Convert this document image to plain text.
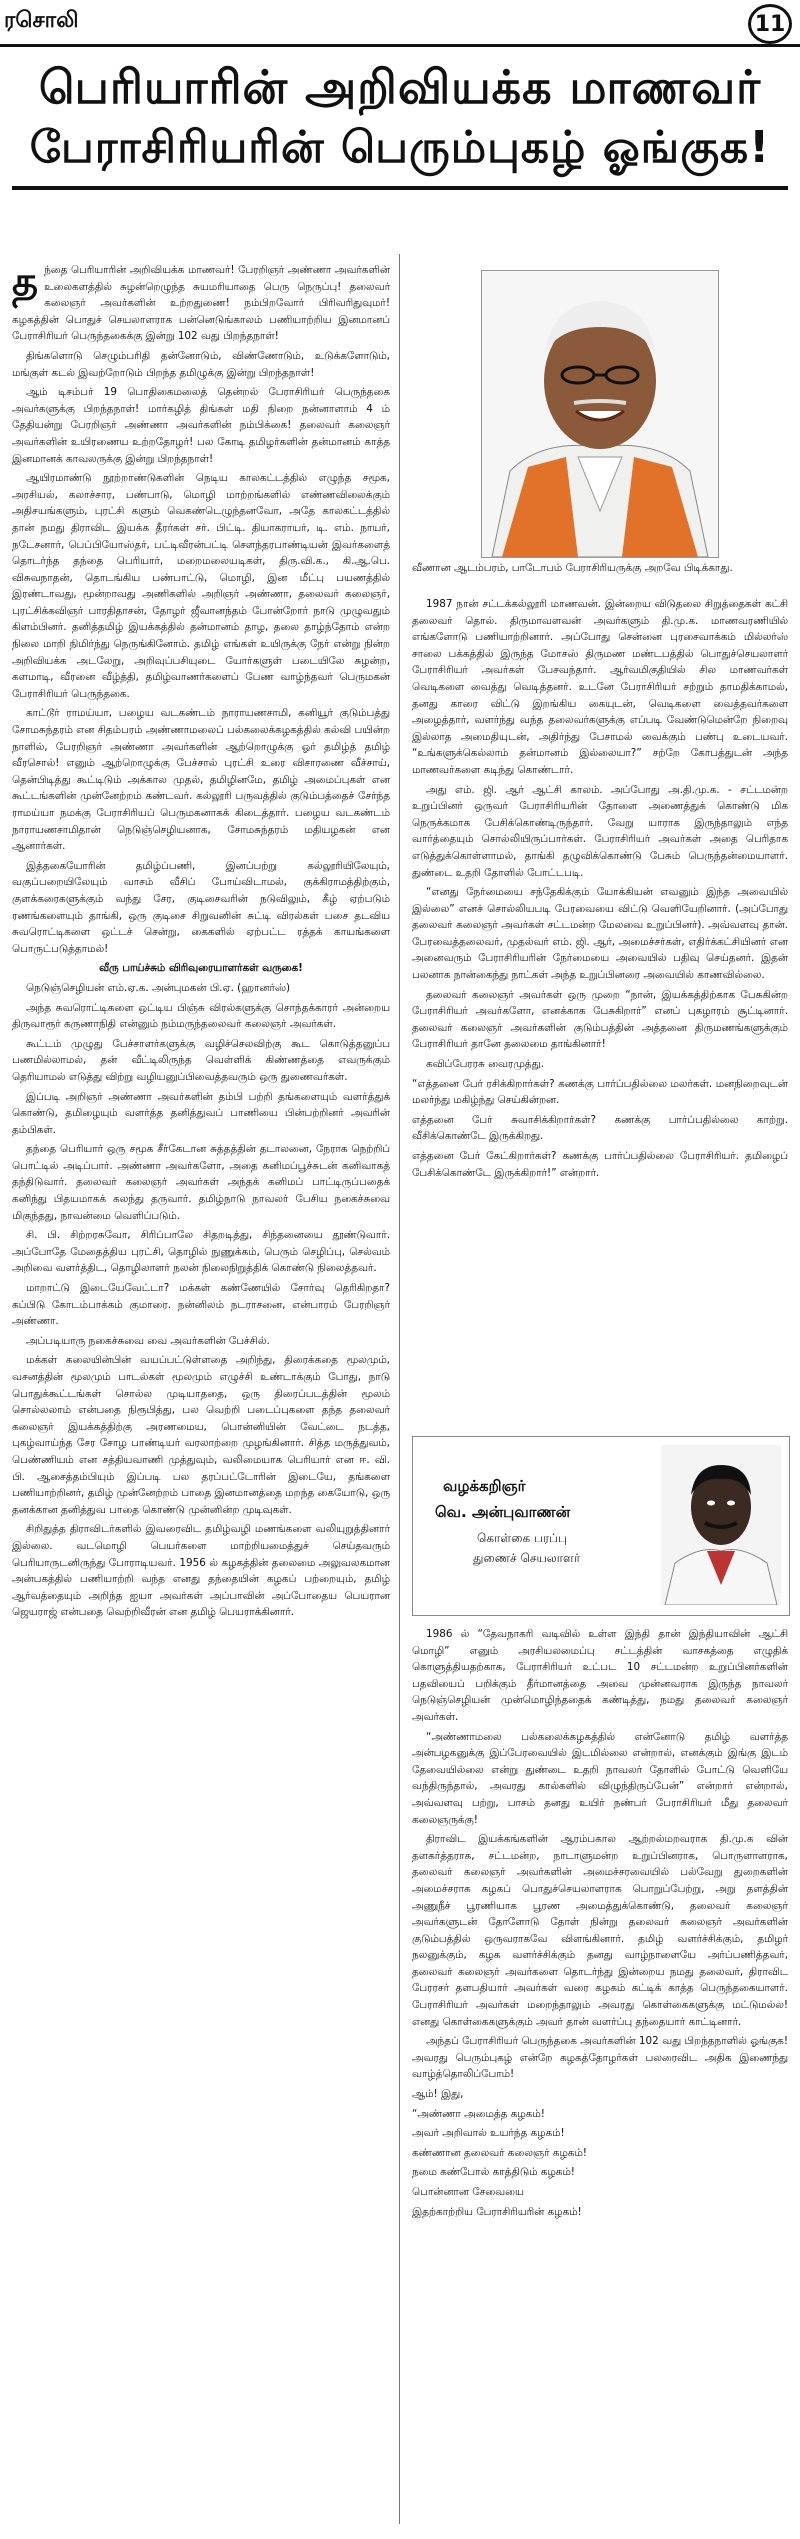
ரசொலி	11
பெரியாரின் அறிவியக்க மாணவர்
பேராசிரியரின் பெரும்புகழ் ஓங்குக!

தந்தை பெரியாரின் அறிவியக்க மாணவர்! பேரறிஞர் அண்ணா அவர்களின் உலைகளத்தில் சுழன்றெழுந்த சுயமரியாதை பெரு நெருப்பு! தலைவர் கலைஞர் அவர்களின் உற்றதுணை! நம்பிறவோர் பிரிவரிதுவுமர்! கழகத்தின் பொதுச் செயலாளராக பன்னெடுங்காலம் பணியாற்றிய இனமானப் பேராசிரியர் பெருந்தகைக்கு இன்று 102 வது பிறந்தநாள்!

திங்களொடு செழும்பரிதி தன்னோடும், விண்ணோடும், உடுக்களோடும், மங்குள் கடல் இவற்றோடும் பிறந்த தமிழுக்கு இன்று பிறந்தநாள்!

ஆம் டிசம்பர் 19 பொதிகைமலைத் தென்றல் பேராசிரியர் பெருந்தகை அவர்களுக்கு பிறந்தநாள்! மார்கழித் திங்கள் மதி நிறை நன்னாளாம் 4 ம் தேதியன்று பேரறிஞர் அண்ணா அவர்களின் நம்பிக்கை! தலைவர் கலைஞர் அவர்களின் உயிரணைய உற்றதோழர்! பல கோடி தமிழர்களின் தன்மானம் காத்த இனமானக் காவலருக்கு இன்று பிறந்தநாள்!

ஆயிரமாண்டு நூற்றாண்டுகளின் நெடிய காலகட்டத்தில் எழுந்த சமூக, அரசியல், கலாச்சார, பண்பாடு, மொழி மாற்றங்களில் எண்ணவிலைக்கும் அதிசயங்களும், புரட்சி களும் வெகண்டெழுந்தனவோ, அதே காலகட்டத்தில் தான் நமது திராவிட இயக்க தீரர்கள் சர். பிட்டி. தியாகராயர், டி. எம். நாயர், நடேசனார், பெப்பியோஸ்தர், பட்டிவீரன்பட்டி சௌந்தரபாண்டியன் இவர்களைத் தொடர்ந்த தந்தை பெரியார், மறைமலையடிகள், திரு.வி.க., கி.ஆ.பெ. விசுவநாதன், தொடங்கிய பண்பாட்டு, மொழி, இன மீட்பு பயணத்தில் இரண்டாவது, மூன்றாவது அணிகளில் அறிஞர் அண்ணா, தலைவர் கலைஞர், புரட்சிக்கவிஞர் பாரதிதாசன், தோழர் ஜீவானந்தம் போன்றோர் நாடு முழுவதும் கிளம்பினர். தனித்தமிழ் இயக்கத்தில் தன்மானம் தாழ, தலை தாழ்ந்தோம் என்ற நிலை மாறி நிமிர்ந்து நெருங்கினோம். தமிழ் எங்கள் உயிருக்கு நேர் என்று நின்ற அறிவியக்க அடலேறு, அறிவுப்பசியுடை யோர்களுள் படையிலே சுழன்ற, களமாடி, வீரனை வீழ்த்தி, தமிழ்வாணர்களைப் பேண வாழ்ந்தவர் பெருமகன் பேராசிரியர் பெருந்தகை.

காட்டூர் ராமய்யா, பழைய வடகண்டம் நாராயணசாமி, கனியூர் குடும்பத்து சோமசுந்தரம் என சிதம்பரம் அண்ணாமலைப் பல்கலைக்கழகத்தில் கல்வி பயின்ற நாளில், பேரறிஞர் அண்ணா அவர்களின் ஆற்றொழுக்கு ஓர் தமிழ்த் தமிழ் வீரசொல்! எனும் ஆற்றொழுக்கு பேச்சால் புரட்சி உரை விசாரணை வீச்சாய், தென்பிடித்து கூட்டிடும் அக்கால முதல், தமிழினமே, தமிழ் அமைப்புகள் என கூட்டங்களின் முன்னேற்றம் கண்டவர். கல்லூரி பருவத்தில் குடும்பத்தைச் சேர்ந்த ராமய்யா நமக்கு பேராசிரியப் பெருமகனாகக் கிடைத்தார். பழைய வடகண்டம் நாராயணசாமிதான் நெடுஞ்செழியனாக, சோமசுந்தரம் மதியழகன் என ஆனார்கள்.

இத்தகையோரின் தமிழ்ப்பணி, இனப்பற்று கல்லூரியிலேயும், வகுப்பறையிலேயும் வாசம் வீசிப் போய்விடாமல், குக்கிராமத்திற்கும், குளக்கரைகளுக்கும் வந்து சேர, குடிசைவரின் நடுவிலும், கீழ் ஏற்படும் ரணங்களையும் தாங்கி, ஒரு குடிசை சிறுவனின் சுட்டி விரல்கள் பசை தடவிய சுவரொட்டிகளை ஒட்டச் சென்று, கைகளில் ஏற்பட்ட ரத்தக் காயங்களை பொருட்படுத்தாமல்!

வீரு பாய்ச்சும் விரிவுரையாளர்கள் வருகை!

நெடுஞ்செழியன் எம்.ஏ.க. அன்புமகன் பி.ஏ. (ஹானர்ஸ்)

அந்த சுவரொட்டிகளை ஒட்டிய பிஞ்சு விரல்களுக்கு சொந்தக்காரர் அன்றைய திருவாரூர் கருணாநிதி என்னும் நம்மருந்தலைவர் கலைஞர் அவர்கள்.

கூட்டம் முழுது பேச்சாளர்களுக்கு வழிச்செலவிற்கு கூட கொடுத்தனுப்ப பணமில்லாமல், தன் வீட்டிலிருந்த வெள்ளிக் கிண்ணத்தை எவருக்கும் தெரியாமல் எடுத்து விற்று வழியனுப்பிவைத்தவரும் ஒரு துணைவர்கள்.

இப்படி அறிஞர் அண்ணா அவர்களின் தம்பி பற்றி தங்களையும் வளர்த்துக் கொண்டு, தமிழையும் வளர்த்த தனித்துவப் பாணியை பின்பற்றினர் அவரின் தம்பிகள்.

தந்தை பெரியார் ஒரு சமூக சீர்கேடான சுத்தத்தின் தடாலனை, நேராக நெற்றிப் பொட்டில் அடிப்பார். அண்ணா அவர்களோ, அதை கனிமப்பூச்சுடன் கனிவாகத் தந்திடுவார். தலைவர் கலைஞர் அவர்கள் அந்தக் கனிமப் பாட்டிருப்பதைக் கனிந்து பிதயமாகக் கலந்து தருவார். தமிழ்நாடு நாவலர் பேசிய நகைச்சுவை மிகுந்தது, நாவன்மை வெளிப்படும்.

சி. பி. சிற்றரசுவோ, சிரிப்பாலே சிதறடித்து, சிந்தனையை தூண்டுவார். அப்போதே மேதைத்திய புரட்சி, தொழில் நுணுக்கம், பெரும் செழிப்பு, செல்வம் அறிவை வளர்த்திட, தொழிலாளர் நலன் நிலைநிறுத்திக் கொண்டு நிலைத்தவர்.

மாறாட்டு இடையேவேட்டா? மக்கள் கண்ணேயில் சோர்வு தெரிகிறதா? கப்பிடு கோடம்பாக்கம் குமாரை. நன்னிலம் நடராசனை, என்பாரம் பேரறிஞர் அண்ணா.

அப்படியாரு நகைச்சுவை வை அவர்களின் பேச்சில்.

மக்கள் கலையின்பின் வயப்பட்டுள்ளதை அறிந்து, திரைக்கதை மூலமும், வசனத்தின் மூலமும் பாடல்கள் மூலமும் எழுச்சி உண்டாக்கும் போது, நாடு பொதுக்கூட்டங்கள் சொல்ல முடியாததை, ஒரு திரைப்படத்தின் மூலம் சொல்லலாம் என்பதை நிரூபித்து, பல வெற்றி படைப்புகளை தந்த தலைவர் கலைஞர் இயக்கத்திற்கு அரணமைய, பொன்னியின் வேட்டை நடத்த, புகழ்வாய்ந்த சேர சோழ பாண்டியர் வரலாற்றை முழங்கினார். சித்த மருத்துவம், பெண்ணியம் என சத்தியவாணி முத்துவும், வலிமையாக பெரியார் என ஈ. வி. பி. ஆசைத்தம்பியும் இப்படி பல தரப்பட்டோரின் இடையே, தங்களை பணியாற்றினர், தமிழ் முன்னேற்றம் பாதை இனமானத்தை மறந்த கையோடு, ஒரு தனக்கான தனித்துவ பாதை கொண்டு முன்னின்ற முடிவுகள்.

சிறிதுத்த திராவிடர்களில் இவரைவிட தமிழ்வழி மணங்களை வலியுறுத்தினார் இல்லை. வடமொழி பெயர்களை மாற்றியமைத்துச் செய்தவரும் பெரியாருடனிருந்து போராடியவர். 1956 ல் கழகத்தின் தலைமை அலுவலகமான அன்பகத்தில் பணியாற்றி வந்த எனது தந்தையின் கழகப் பற்றையும், தமிழ் ஆர்வத்தையும் அறிந்த ஐயா அவர்கள் அப்பாவின் அப்போதைய பெயரான ஜெயராஜ் என்பதை வெற்றிவீரன் என தமிழ் பெயராக்கினார்.

வீணான ஆடம்பரம், பாடோபம் பேராசிரியருக்கு அறவே பிடிக்காது.

1987 நான் சட்டக்கல்லூரி மாணவன். இன்றைய விடுதலை சிறுத்தைகள் கட்சி தலைவர் தொல். திருமாவளவன் அவர்களும் தி.மு.க. மாணவரணியில் எங்களோடு பணியாற்றினார். அப்போது சென்னை புரசைவாக்கம் மில்லர்ஸ் சாலை பக்கத்தில் இருந்த மோசஸ் திருமண மண்டபத்தில் பொதுச்செயலாளர் பேராசிரியர் அவர்கள் பேசவந்தார். ஆர்வமிகுதியில் சில மாணவர்கள் வெடிகளை வைத்து வெடித்தனர். உடனே பேராசிரியர் சற்றும் தாமதிக்காமல், தனது காரை விட்டு இறங்கிய கையுடன், வெடிகளை வைத்தவர்களை அழைத்தார், வளர்ந்து வந்த தலைவர்களுக்கு எப்படி வேண்டுமென்றே நிறைவு இல்லாத அமைதியுடன், அதிர்ந்து பேசாமல் வைக்கும் பண்பு உடையவர். “உங்களுக்கெல்லாம் தன்மானம் இல்லையா?” சற்றே கோபத்துடன் அந்த மாணவர்களை கடிந்து கொண்டார்.

அது எம். ஜி. ஆர் ஆட்சி காலம். அப்போது அ.தி.மு.க. - சட்டமன்ற உறுப்பினர் ஒருவர் பேராசிரியரின் தோளை அணைத்துக் கொண்டு மிக நெருக்கமாக பேசிக்கொண்டிருந்தார். வேறு யாராக இருந்தாலும் எந்த வார்த்தையும் சொல்லியிருப்பார்கள். பேராசிரியர் அவர்கள் அதை பெரிதாக எடுத்துக்கொள்ளாமல், தாங்கி தழுவிக்கொண்டு பேசும் பெருந்தன்மையாளர். துண்டை உதறி தோளில் போட்டபடி.

“எனது நேர்மையை சந்தேகிக்கும் யோக்கியன் எவனும் இந்த அவையில் இல்லை” எனச் சொல்லியபடி பேரவையை விட்டு வெளியேறினார். (அப்போது தலைவர் கலைஞர் அவர்கள் சட்டமன்ற மேலவை உறுப்பினர்). அவ்வளவு தான். பேரவைத்தலைவர், முதல்வர் எம். ஜி. ஆர், அமைச்சர்கள், எதிர்க்கட்சியினர் என அனைவரும் பேராசிரியரின் நேர்மையை அவையில் பதிவு செய்தனர். இதன் பலனாக நான்கைந்து நாட்கள் அந்த உறுப்பினரை அவையில் காணவில்லை.

தலைவர் கலைஞர் அவர்கள் ஒரு முறை “நான், இயக்கத்திற்காக பேசுகின்ற பேராசிரியர் அவர்களோ, எனக்காக பேசுகிறார்” எனப் புகழாரம் சூட்டினார். தலைவர் கலைஞர் அவர்களின் குடும்பத்தின் அத்தனை திருமணங்களுக்கும் பேராசிரியர் தானே தலைமை தாங்கினார்!

கவிப்பேரரசு வைரமுத்து.

“எத்தனை பேர் ரசிக்கிறார்கள்? கணக்கு பார்ப்பதில்லை மலர்கள். மனநிறைவுடன் மலர்ந்து மகிழ்ந்து செய்கின்றன.

எத்தனை பேர் சுவாசிக்கிறார்கள்? கணக்கு பார்ப்பதில்லை காற்று. வீசிக்கொண்டே இருக்கிறது.

எத்தனை பேர் கேட்கிறார்கள்? கணக்கு பார்ப்பதில்லை பேராசிரியர். தமிழைப் பேசிக்கொண்டே இருக்கிறார்!” என்றார்.

வழக்கறிஞர்
வெ. அன்புவாணன்
கொள்கை பரப்பு
துணைச் செயலாளர்

1986 ல் “தேவநாகரி வடிவில் உள்ள இந்தி தான் இந்தியாவின் ஆட்சி மொழி” எனும் அரசியலமைப்பு சட்டத்தின் வாசகத்தை எழுதிக் கொளுத்தியதற்காக, பேராசிரியர் உட்பட 10 சட்டமன்ற உறுப்பினர்களின் பதவியைப் பறிக்கும் தீர்மானத்தை அவை முன்னவராக இருந்த நாவலர் நெடுஞ்செழியன் முன்மொழிந்ததைக் கண்டித்து, நமது தலைவர் கலைஞர் அவர்கள்.

“அண்ணாமலை பல்கலைக்கழகத்தில் என்னோடு தமிழ் வளர்த்த அன்பழகனுக்கு இப்பேரவையில் இடமில்லை என்றால், எனக்கும் இங்கு இடம் தேவையில்லை என்று துண்டை உதறி நாவலர் தோளில் போட்டு வெளியே வந்திருந்தால், அவரது கால்களில் விழுந்திருப்பேன்” என்றார் என்றால், அவ்வளவு பற்று, பாசம் தனது உயிர் நண்பர் பேராசிரியர் மீது தலைவர் கலைஞருக்கு!

திராவிட இயக்கங்களின் ஆரம்பகால ஆற்றல்மறவராக தி.மு.க வின் தளகர்த்தராக, சட்டமன்ற, நாடாளுமன்ற உறுப்பினராக, பொருளாளராக, தலைவர் கலைஞர் அவர்களின் அமைச்சரவையில் பல்வேறு துறைகளின் அமைச்சராக கழகப் பொதுச்செயலாளராக பொறுப்பேற்று, அறு தளத்தின் அணுநீச் பூரணியாக பூரண அமைத்துக்கொண்டு, தலைவர் கலைஞர் அவர்களுடன் தோளோடு தோள் நின்று தலைவர் கலைஞர் அவர்களின் குடும்பத்தில் ஒருவராகவே விளங்கினார். தமிழ் வளர்ச்சிக்கும், தமிழர் நலனுக்கும், கழக வளர்ச்சிக்கும் தனது வாழ்நாளையே அர்ப்பணித்தவர், தலைவர் கலைஞர் அவர்களை தொடர்ந்து இன்றைய நமது தலைவர், திராவிட பேரரசர் தளபதியார் அவர்கள் வரை கழகம் கட்டிக் காத்த பெருந்தகையாளர். பேராசிரியர் அவர்கள் மறைந்தாலும் அவரது கொள்கைகளுக்கு மட்டுமல்ல! எனது கொள்கைகளுக்கும் அவர் தான் வளர்ப்பு தந்தையார் காட்டினார்.

அந்தப் பேராசிரியர் பெருந்தகை அவர்களின் 102 வது பிறந்தநாளில் ஓங்குக! அவரது பெரும்புகழ் என்றே கழகத்தோழர்கள் பலரைவிட அதிக இணைந்து வாழ்த்தொலிப்போம்!

ஆம்! இது,

“அண்ணா அமைத்த கழகம்!

அவர் அறிவால் உயர்ந்த கழகம்!

கண்ணான தலைவர் கலைஞர் கழகம்!

நமை கண்போல் காத்திடும் கழகம்!

பொன்னான சேவையை

இதற்காற்றிய பேராசிரியரின் கழகம்!
